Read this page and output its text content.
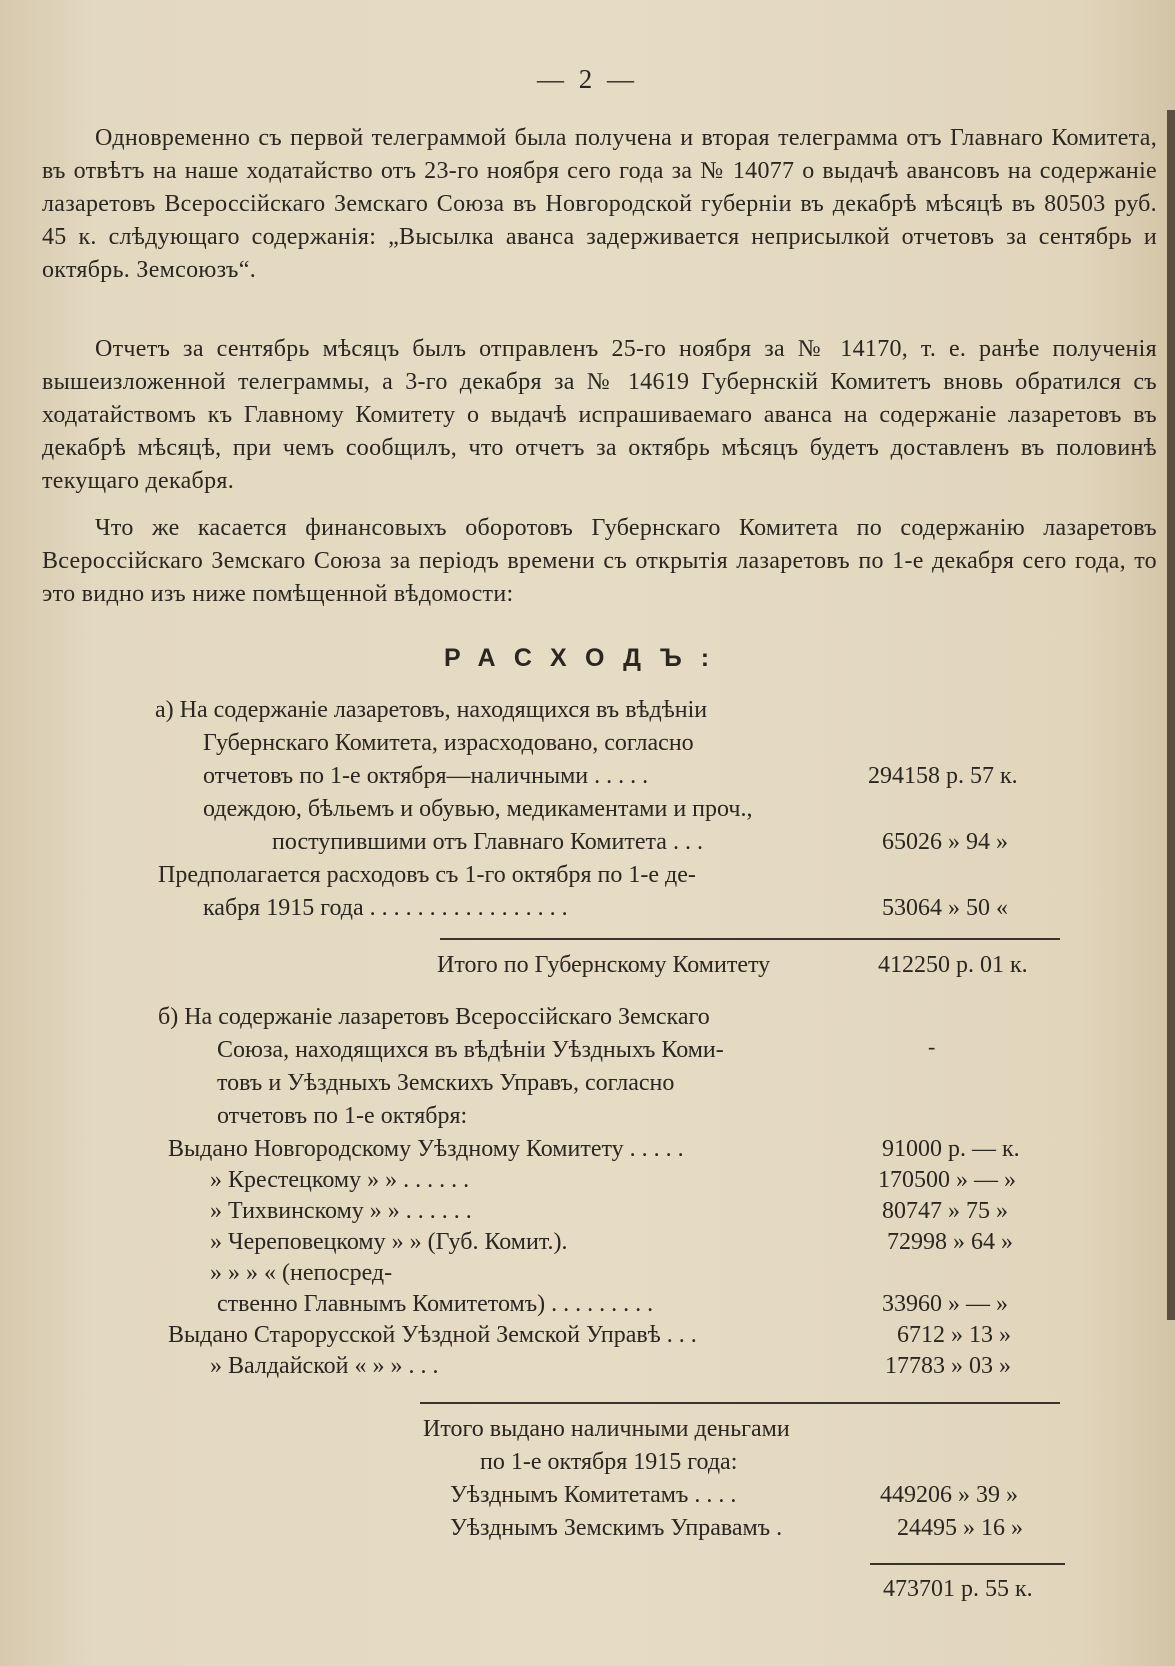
— 2 —

Одновременно съ первой телеграммой была получена и вторая телеграмма отъ Главнаго Комитета, въ отвѣтъ на наше ходатайство отъ 23-го ноября сего года за № 14077 о выдачѣ авансовъ на содержаніе лазаретовъ Всероссійскаго Земскаго Союза въ Новгородской губерніи въ декабрѣ мѣсяцѣ въ 80503 руб. 45 к. слѣдующаго содержанія: „Высылка аванса задерживается неприсылкой отчетовъ за сентябрь и октябрь. Земсоюзъ“.

Отчетъ за сентябрь мѣсяцъ былъ отправленъ 25-го ноября за № 14170, т. е. ранѣе полученія вышеизложенной телеграммы, а 3-го декабря за № 14619 Губернскій Комитетъ вновь обратился съ ходатайствомъ къ Главному Комитету о выдачѣ испрашиваемаго аванса на содержаніе лазаретовъ въ декабрѣ мѣсяцѣ, при чемъ сообщилъ, что отчетъ за октябрь мѣсяцъ будетъ доставленъ въ половинѣ текущаго декабря.

Что же касается финансовыхъ оборотовъ Губернскаго Комитета по содержанію лазаретовъ Всероссійскаго Земскаго Союза за періодъ времени съ открытія лазаретовъ по 1-е декабря сего года, то это видно изъ ниже помѣщенной вѣдомости:

РАСХОДЪ:
а) На содержаніе лазаретовъ, находящихся въ вѣдѣніи
Губернскаго Комитета, израсходовано, согласно
отчетовъ по 1-е октября—наличными . . . . .	294158 р. 57 к.
одеждою, бѣльемъ и обувью, медикаментами и проч.,
поступившими отъ Главнаго Комитета . . .	65026 » 94 »
Предполагается расходовъ съ 1-го октября по 1-е де-
кабря 1915 года . . . . . . . . . . . . . . . . .	53064 » 50 «
Итого по Губернскому Комитету	412250 р. 01 к.
б) На содержаніе лазаретовъ Всероссійскаго Земскаго
Союза, находящихся въ вѣдѣніи Уѣздныхъ Коми-	-
товъ и Уѣздныхъ Земскихъ Управъ, согласно
отчетовъ по 1-е октября:
Выдано Новгородскому Уѣздному Комитету . . . . .	91000 р. — к.
» Крестецкому » » . . . . . .	170500 » — »
» Тихвинскому » » . . . . . .	80747 » 75 »
» Череповецкому » » (Губ. Комит.).	72998 » 64 »
» » » « (непосред-
ственно Главнымъ Комитетомъ) . . . . . . . . .	33960 » — »
Выдано Старорусской Уѣздной Земской Управѣ . . .	6712 » 13 »
» Валдайской « » » . . .	17783 » 03 »
Итого выдано наличными деньгами
по 1-е октября 1915 года:
Уѣзднымъ Комитетамъ . . . .	449206 » 39 »
Уѣзднымъ Земскимъ Управамъ .	24495 » 16 »
473701 р. 55 к.
